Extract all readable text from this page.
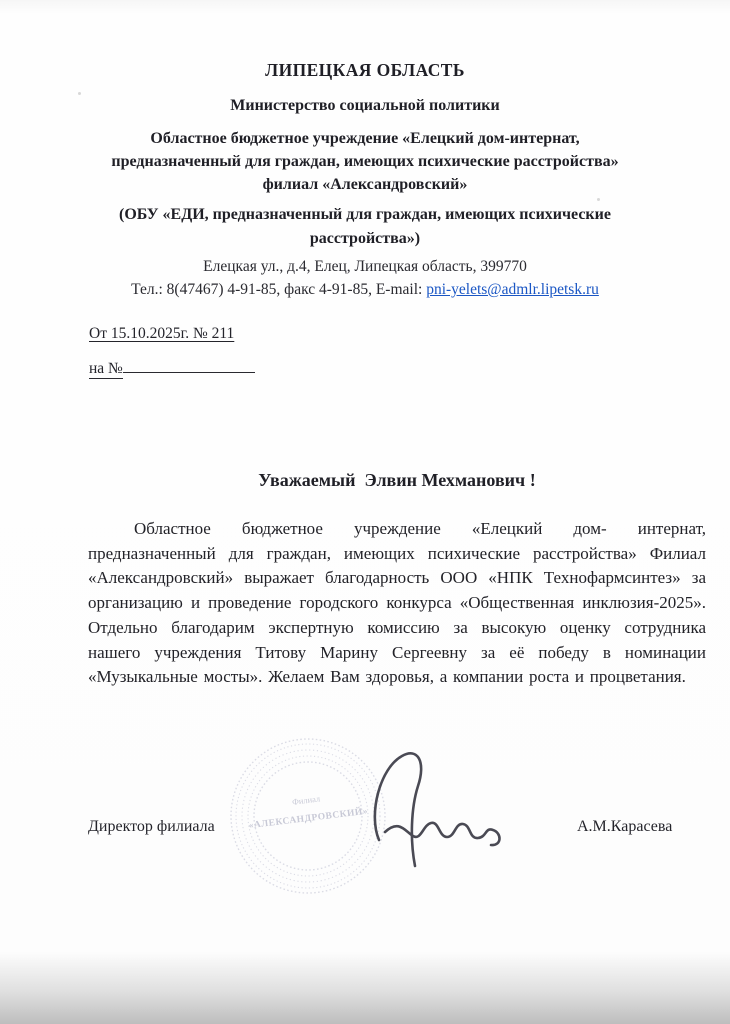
ЛИПЕЦКАЯ ОБЛАСТЬ
Министерство социальной политики
Областное бюджетное учреждение «Елецкий дом-интернат,
предназначенный для граждан, имеющих психические расстройства»
филиал «Александровский»
(ОБУ «ЕДИ, предназначенный для граждан, имеющих психические
расстройства»)
Елецкая ул., д.4, Елец, Липецкая область, 399770
Тел.: 8(47467) 4-91-85, факс 4-91-85, E-mail: pni-yelets@admlr.lipetsk.ru
От 15.10.2025г. № 211
на №
Уважаемый  Элвин Мехманович !
Областное бюджетное учреждение «Елецкий дом- интернат, предназначенный для граждан, имеющих психические расстройства» Филиал «Александровский» выражает благодарность ООО «НПК Технофармсинтез» за организацию и проведение городского конкурса «Общественная инклюзия-2025». Отдельно благодарим экспертную комиссию за высокую оценку сотрудника нашего учреждения Титову Марину Сергеевну за её победу в номинации «Музыкальные мосты». Желаем Вам здоровья, а компании роста и процветания.
Филиал
«АЛЕКСАНДРОВСКИЙ»
Директор филиала	А.М.Карасева
